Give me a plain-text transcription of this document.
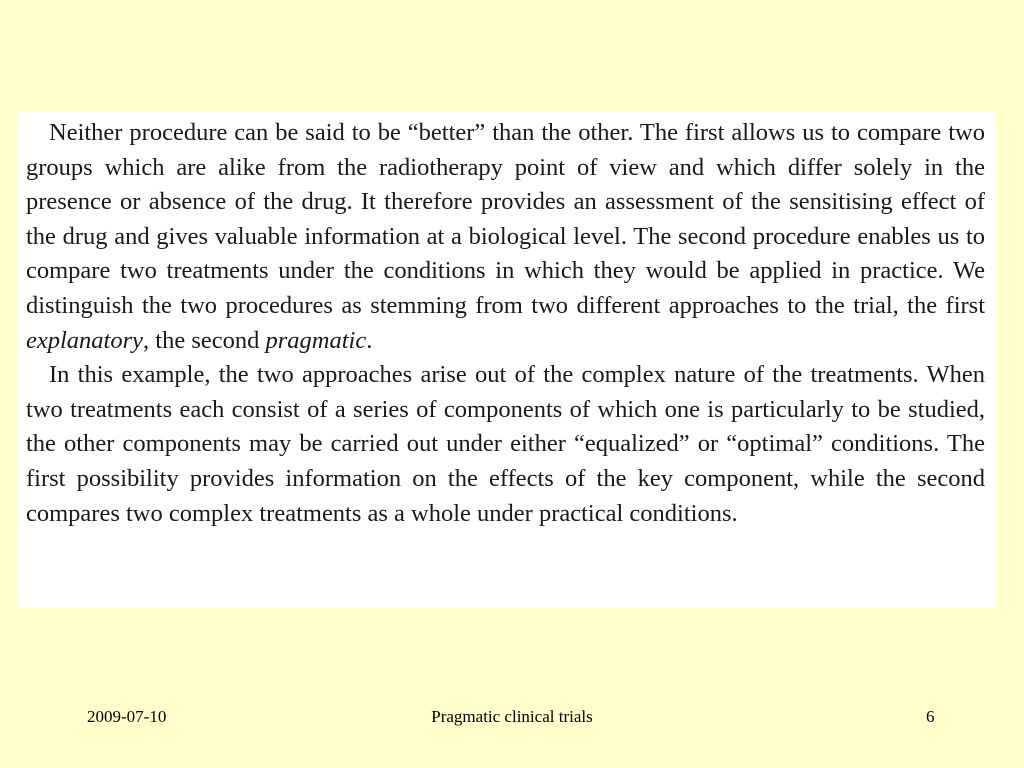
Neither procedure can be said to be “better” than the other. The first allows us to compare two groups which are alike from the radiotherapy point of view and which differ solely in the presence or absence of the drug. It therefore provides an assessment of the sensitising effect of the drug and gives valuable information at a biological level. The second procedure enables us to compare two treatments under the conditions in which they would be applied in practice. We distinguish the two procedures as stemming from two different approaches to the trial, the first explanatory, the second pragmatic.

In this example, the two approaches arise out of the complex nature of the treatments. When two treatments each consist of a series of components of which one is particularly to be studied, the other components may be carried out under either “equalized” or “optimal” conditions. The first possibility provides information on the effects of the key component, while the second compares two complex treatments as a whole under practical conditions.

2009-07-10	Pragmatic clinical trials	6
